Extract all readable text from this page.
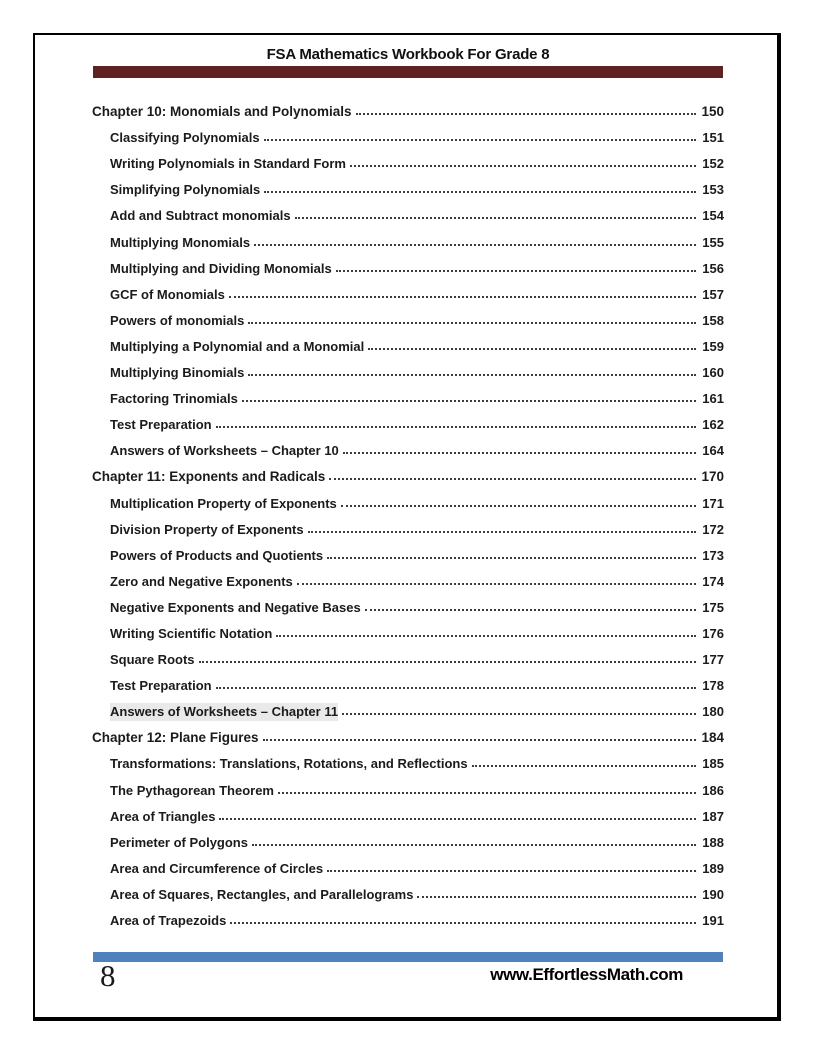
FSA Mathematics Workbook For Grade 8
Chapter 10: Monomials and Polynomials	150
Classifying Polynomials	151
Writing Polynomials in Standard Form	152
Simplifying Polynomials	153
Add and Subtract monomials	154
Multiplying Monomials	155
Multiplying and Dividing Monomials	156
GCF of Monomials	157
Powers of monomials	158
Multiplying a Polynomial and a Monomial	159
Multiplying Binomials	160
Factoring Trinomials	161
Test Preparation	162
Answers of Worksheets – Chapter 10	164
Chapter 11: Exponents and Radicals	170
Multiplication Property of Exponents	171
Division Property of Exponents	172
Powers of Products and Quotients	173
Zero and Negative Exponents	174
Negative Exponents and Negative Bases	175
Writing Scientific Notation	176
Square Roots	177
Test Preparation	178
Answers of Worksheets – Chapter 11	180
Chapter 12: Plane Figures	184
Transformations: Translations, Rotations, and Reflections	185
The Pythagorean Theorem	186
Area of Triangles	187
Perimeter of Polygons	188
Area and Circumference of Circles	189
Area of Squares, Rectangles, and Parallelograms	190
Area of Trapezoids	191
8	www.EffortlessMath.com
